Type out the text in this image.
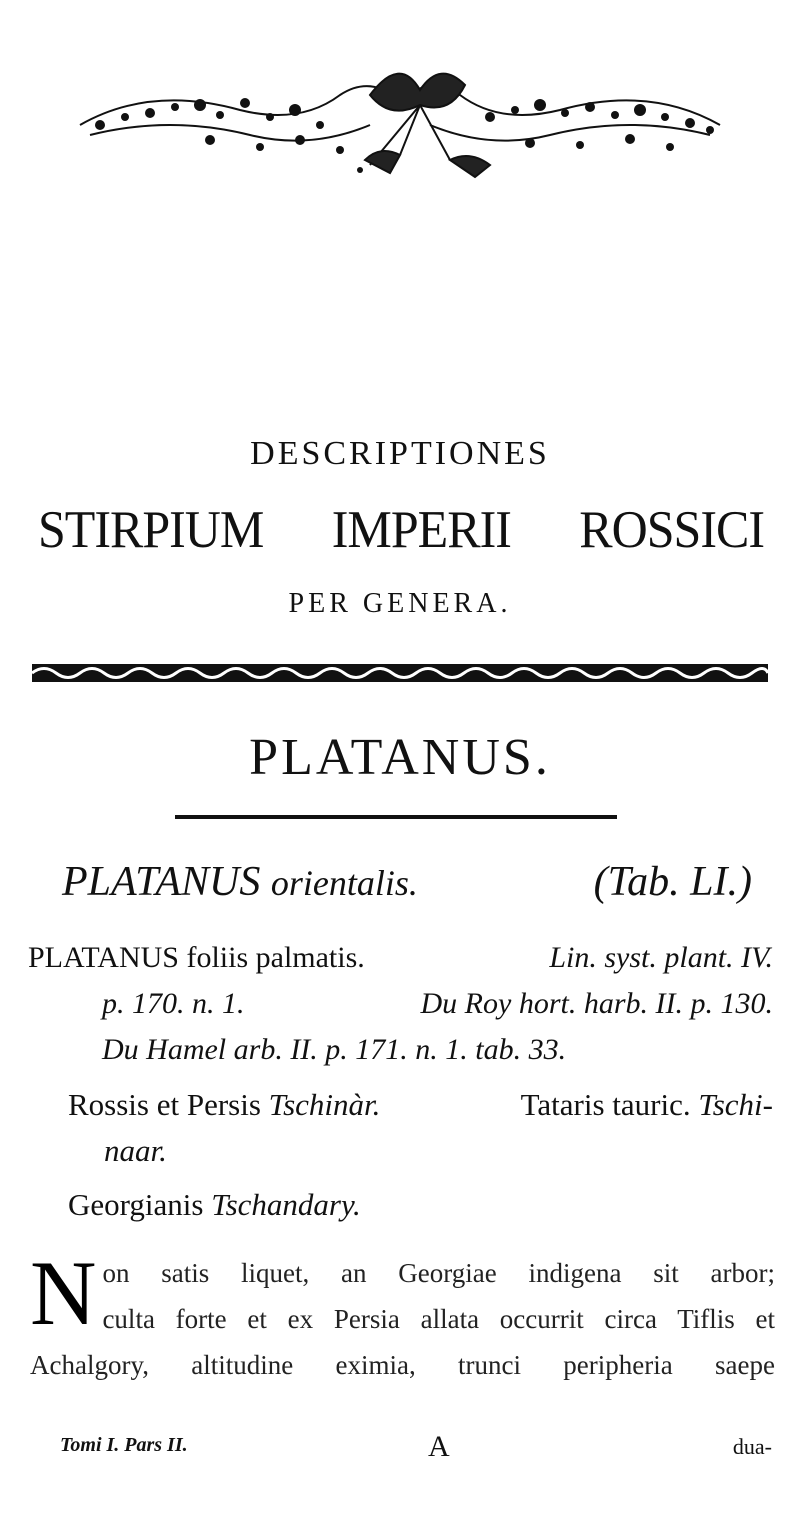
DESCRIPTIONES
STIRPIUM IMPERII ROSSICI
PER GENERA.
PLATANUS.
PLATANUS orientalis.	(Tab. LI.)
PLATANUS foliis palmatis.	Lin. syst. plant. IV.
p. 170. n. 1.	Du Roy hort. harb. II. p. 130.
Du Hamel arb. II. p. 171. n. 1. tab. 33.
Rossis et Persis Tschinàr.	Tataris tauric. Tschi-
naar.
Georgianis Tschandary.
N on satis liquet, an Georgiae indigena sit arbor;
culta forte et ex Persia allata occurrit circa Tiflis et
Achalgory, altitudine eximia, trunci peripheria saepe
Tomi I. Pars II.	A	dua-
